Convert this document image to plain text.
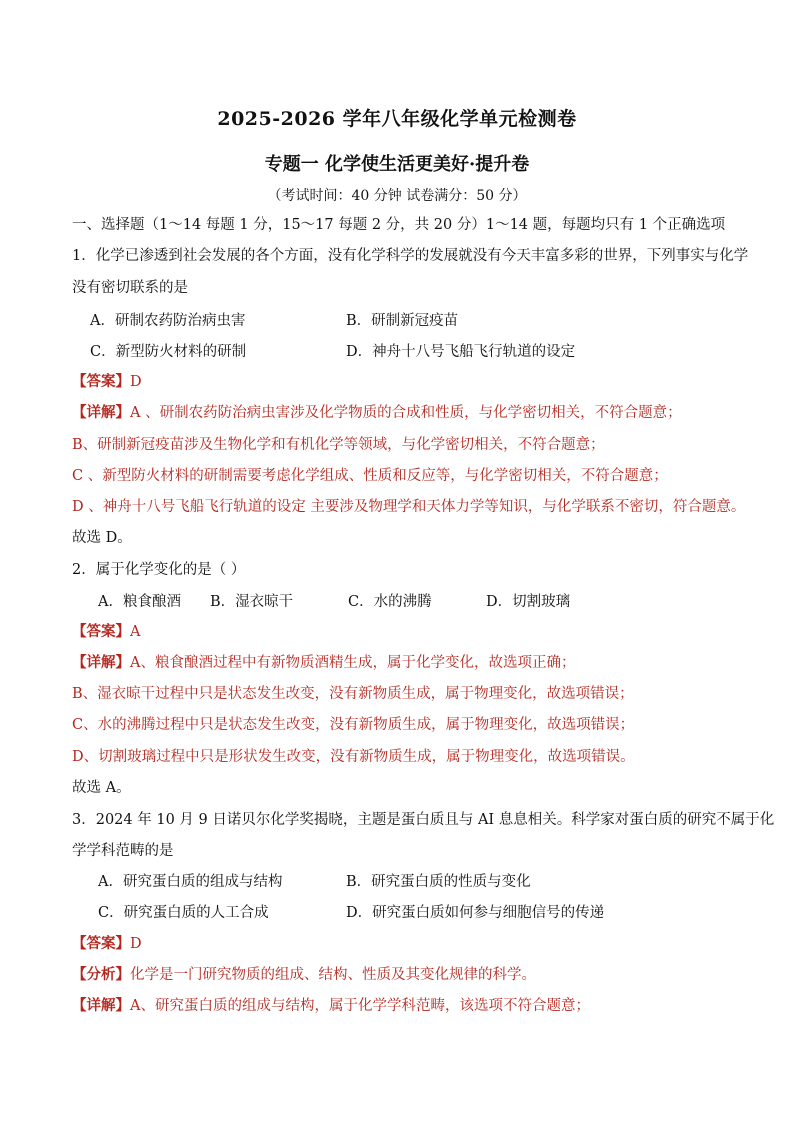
2025-2026 学年八年级化学单元检测卷
专题一 化学使生活更美好·提升卷
（考试时间：40 分钟 试卷满分：50 分）
一、选择题（1～14 每题 1 分，15～17 每题 2 分，共 20 分）1～14 题，每题均只有 1 个正确选项
1．化学已渗透到社会发展的各个方面，没有化学科学的发展就没有今天丰富多彩的世界，下列事实与化学
没有密切联系的是
A．研制农药防治病虫害	B．研制新冠疫苗
C．新型防火材料的研制	D．神舟十八号飞船飞行轨道的设定
【答案】D
【详解】A 、研制农药防治病虫害涉及化学物质的合成和性质，与化学密切相关，不符合题意；
B、研制新冠疫苗涉及生物化学和有机化学等领域，与化学密切相关，不符合题意；
C 、新型防火材料的研制需要考虑化学组成、性质和反应等，与化学密切相关，不符合题意；
D 、神舟十八号飞船飞行轨道的设定 主要涉及物理学和天体力学等知识，与化学联系不密切，符合题意。
故选 D。
2．属于化学变化的是（ ）
A．粮食酿酒 B．湿衣晾干	C．水的沸腾	D．切割玻璃
【答案】A
【详解】A、粮食酿酒过程中有新物质酒精生成，属于化学变化，故选项正确；
B、湿衣晾干过程中只是状态发生改变，没有新物质生成，属于物理变化，故选项错误；
C、水的沸腾过程中只是状态发生改变，没有新物质生成，属于物理变化，故选项错误；
D、切割玻璃过程中只是形状发生改变，没有新物质生成，属于物理变化，故选项错误。
故选 A。
3．2024 年 10 月 9 日诺贝尔化学奖揭晓，主题是蛋白质且与 AI 息息相关。科学家对蛋白质的研究不属于化
学学科范畴的是
A．研究蛋白质的组成与结构	B．研究蛋白质的性质与变化
C．研究蛋白质的人工合成	D．研究蛋白质如何参与细胞信号的传递
【答案】D
【分析】化学是一门研究物质的组成、结构、性质及其变化规律的科学。
【详解】A、研究蛋白质的组成与结构，属于化学学科范畴，该选项不符合题意；
